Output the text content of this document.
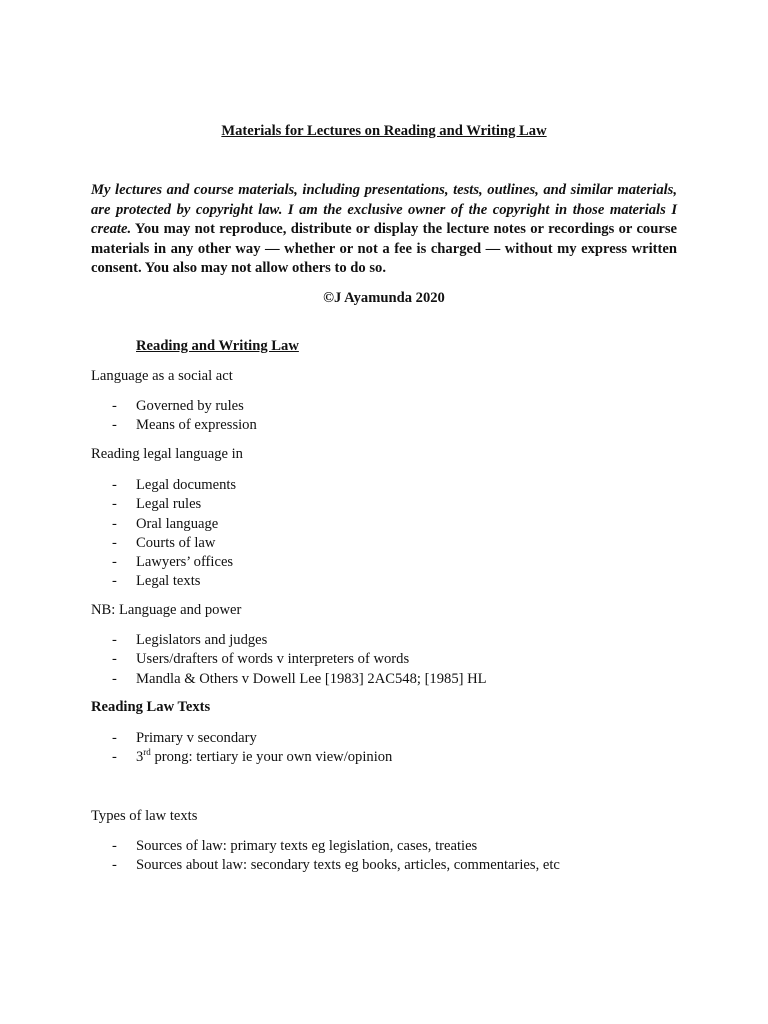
Materials for Lectures on Reading and Writing Law
My lectures and course materials, including presentations, tests, outlines, and similar materials, are protected by copyright law. I am the exclusive owner of the copyright in those materials I create. You may not reproduce, distribute or display the lecture notes or recordings or course materials in any other way — whether or not a fee is charged — without my express written consent. You also may not allow others to do so.
©J Ayamunda 2020
Reading and Writing Law
Language as a social act
- Governed by rules
- Means of expression
Reading legal language in
- Legal documents
- Legal rules
- Oral language
- Courts of law
- Lawyers’ offices
- Legal texts
NB: Language and power
- Legislators and judges
- Users/drafters of words v interpreters of words
- Mandla & Others v Dowell Lee [1983] 2AC548; [1985] HL
Reading Law Texts
- Primary v secondary
- 3rd prong: tertiary ie your own view/opinion
Types of law texts
- Sources of law: primary texts eg legislation, cases, treaties
- Sources about law: secondary texts eg books, articles, commentaries, etc
